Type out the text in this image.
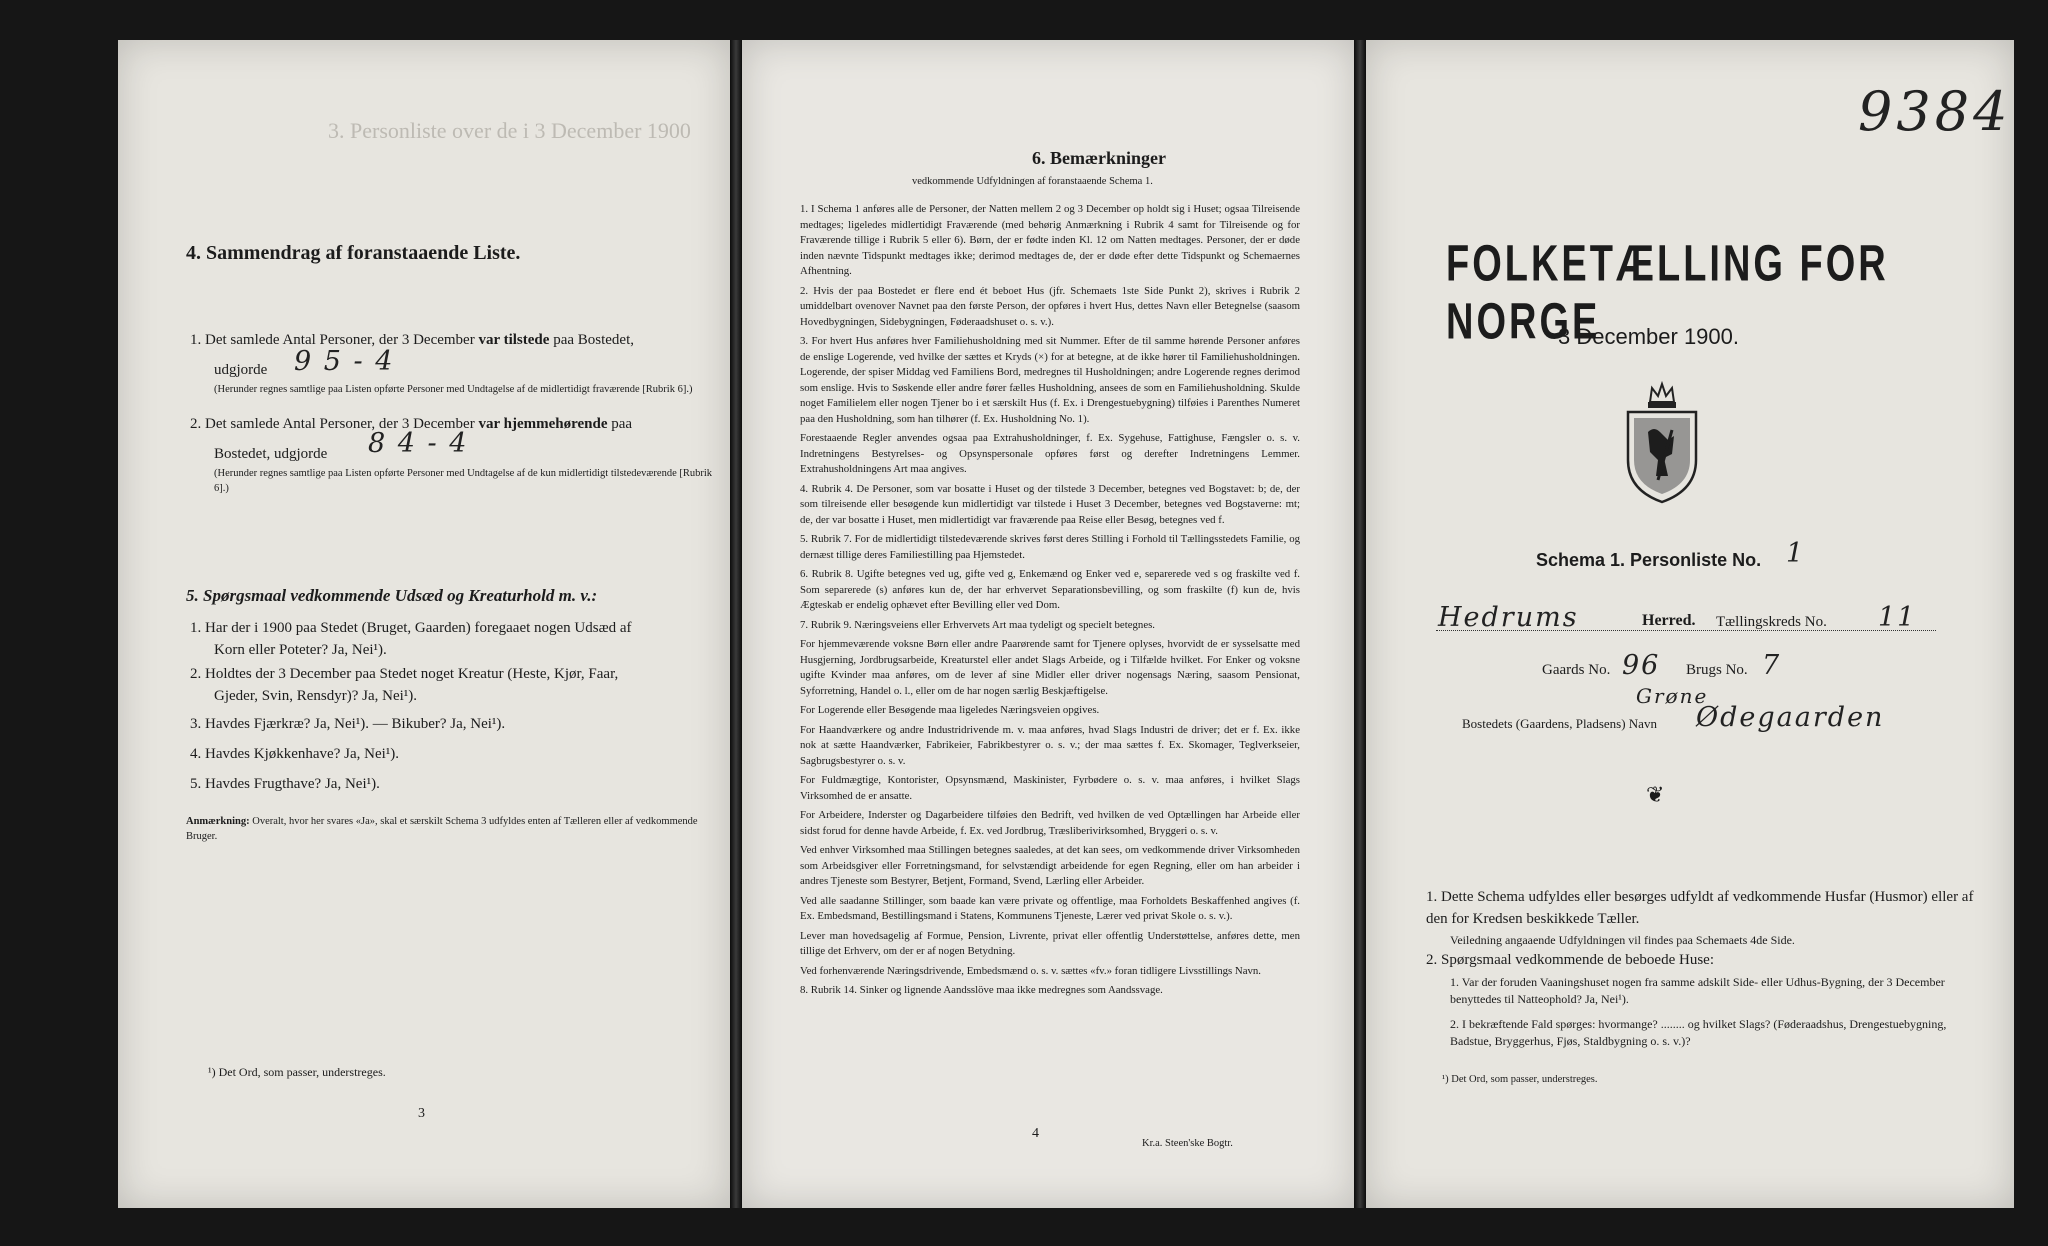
3. Personliste over de i 3 December 1900
4. Sammendrag af foranstaaende Liste.
1. Det samlede Antal Personer, der 3 December var tilstede paa Bostedet,
udgjorde 9 5 - 4
(Herunder regnes samtlige paa Listen opførte Personer med Undtagelse af de midlertidigt fraværende [Rubrik 6].)
2. Det samlede Antal Personer, der 3 December var hjemmehørende paa
Bostedet, udgjorde 8 4 - 4
(Herunder regnes samtlige paa Listen opførte Personer med Undtagelse af de kun midlertidigt tilstedeværende [Rubrik 6].)
5. Spørgsmaal vedkommende Udsæd og Kreaturhold m. v.:
1. Har der i 1900 paa Stedet (Bruget, Gaarden) foregaaet nogen Udsæd af
Korn eller Poteter? Ja, Nei¹).
2. Holdtes der 3 December paa Stedet noget Kreatur (Heste, Kjør, Faar,
Gjeder, Svin, Rensdyr)? Ja, Nei¹).
3. Havdes Fjærkræ? Ja, Nei¹). — Bikuber? Ja, Nei¹).
4. Havdes Kjøkkenhave? Ja, Nei¹).
5. Havdes Frugthave? Ja, Nei¹).
Anmærkning: Overalt, hvor her svares «Ja», skal et særskilt Schema 3 udfyldes enten af Tælleren eller af vedkommende Bruger.
¹) Det Ord, som passer, understreges.
3
6. Bemærkninger
vedkommende Udfyldningen af foranstaaende Schema 1.

1. I Schema 1 anføres alle de Personer, der Natten mellem 2 og 3 December op holdt sig i Huset; ogsaa Tilreisende medtages; ligeledes midlertidigt Fraværende (med behørig Anmærkning i Rubrik 4 samt for Tilreisende og for Fraværende tillige i Rubrik 5 eller 6). Børn, der er fødte inden Kl. 12 om Natten medtages. Personer, der er døde inden nævnte Tidspunkt medtages ikke; derimod medtages de, der er døde efter dette Tidspunkt og Schemaernes Afhentning.

2. Hvis der paa Bostedet er flere end ét beboet Hus (jfr. Schemaets 1ste Side Punkt 2), skrives i Rubrik 2 umiddelbart ovenover Navnet paa den første Person, der opføres i hvert Hus, dettes Navn eller Betegnelse (saasom Hovedbygningen, Sidebygningen, Føderaadshuset o. s. v.).

3. For hvert Hus anføres hver Familiehusholdning med sit Nummer. Efter de til samme hørende Personer anføres de enslige Logerende, ved hvilke der sættes et Kryds (×) for at betegne, at de ikke hører til Familiehusholdningen. Logerende, der spiser Middag ved Familiens Bord, medregnes til Husholdningen; andre Logerende regnes derimod som enslige. Hvis to Søskende eller andre fører fælles Husholdning, ansees de som en Familiehusholdning. Skulde noget Familielem eller nogen Tjener bo i et særskilt Hus (f. Ex. i Drengestuebygning) tilføies i Parenthes Numeret paa den Husholdning, som han tilhører (f. Ex. Husholdning No. 1).

Forestaaende Regler anvendes ogsaa paa Extrahusholdninger, f. Ex. Sygehuse, Fattighuse, Fængsler o. s. v. Indretningens Bestyrelses- og Opsynspersonale opføres først og derefter Indretningens Lemmer. Extrahusholdningens Art maa angives.

4. Rubrik 4. De Personer, som var bosatte i Huset og der tilstede 3 December, betegnes ved Bogstavet: b; de, der som tilreisende eller besøgende kun midlertidigt var tilstede i Huset 3 December, betegnes ved Bogstaverne: mt; de, der var bosatte i Huset, men midlertidigt var fraværende paa Reise eller Besøg, betegnes ved f.

5. Rubrik 7. For de midlertidigt tilstedeværende skrives først deres Stilling i Forhold til Tællingsstedets Familie, og dernæst tillige deres Familiestilling paa Hjemstedet.

6. Rubrik 8. Ugifte betegnes ved ug, gifte ved g, Enkemænd og Enker ved e, separerede ved s og fraskilte ved f. Som separerede (s) anføres kun de, der har erhvervet Separationsbevilling, og som fraskilte (f) kun de, hvis Ægteskab er endelig ophævet efter Bevilling eller ved Dom.

7. Rubrik 9. Næringsveiens eller Erhvervets Art maa tydeligt og specielt betegnes.

For hjemmeværende voksne Børn eller andre Paarørende samt for Tjenere oplyses, hvorvidt de er sysselsatte med Husgjerning, Jordbrugsarbeide, Kreaturstel eller andet Slags Arbeide, og i Tilfælde hvilket. For Enker og voksne ugifte Kvinder maa anføres, om de lever af sine Midler eller driver nogensags Næring, saasom Pensionat, Syforretning, Handel o. l., eller om de har nogen særlig Beskjæftigelse.

For Logerende eller Besøgende maa ligeledes Næringsveien opgives.

For Haandværkere og andre Industridrivende m. v. maa anføres, hvad Slags Industri de driver; det er f. Ex. ikke nok at sætte Haandværker, Fabrikeier, Fabrikbestyrer o. s. v.; der maa sættes f. Ex. Skomager, Teglverkseier, Sagbrugsbestyrer o. s. v.

For Fuldmægtige, Kontorister, Opsynsmænd, Maskinister, Fyrbødere o. s. v. maa anføres, i hvilket Slags Virksomhed de er ansatte.

For Arbeidere, Inderster og Dagarbeidere tilføies den Bedrift, ved hvilken de ved Optællingen har Arbeide eller sidst forud for denne havde Arbeide, f. Ex. ved Jordbrug, Træsliberivirksomhed, Bryggeri o. s. v.

Ved enhver Virksomhed maa Stillingen betegnes saaledes, at det kan sees, om vedkommende driver Virksomheden som Arbeidsgiver eller Forretningsmand, for selvstændigt arbeidende for egen Regning, eller om han arbeider i andres Tjeneste som Bestyrer, Betjent, Formand, Svend, Lærling eller Arbeider.

Ved alle saadanne Stillinger, som baade kan være private og offentlige, maa Forholdets Beskaffenhed angives (f. Ex. Embedsmand, Bestillingsmand i Statens, Kommunens Tjeneste, Lærer ved privat Skole o. s. v.).

Lever man hovedsagelig af Formue, Pension, Livrente, privat eller offentlig Understøttelse, anføres dette, men tillige det Erhverv, om der er af nogen Betydning.

Ved forhenværende Næringsdrivende, Embedsmænd o. s. v. sættes «fv.» foran tidligere Livsstillings Navn.

8. Rubrik 14. Sinker og lignende Aandsslöve maa ikke medregnes som Aandssvage.

4
Kr.a. Steen'ske Bogtr.
9384
FOLKETÆLLING FOR NORGE
3 December 1900.
Schema 1. Personliste No. 1
Hedrums	Herred. Tællingskreds No. 11
Gaards No. 96 Brugs No. 7
Bostedets (Gaardens, Pladsens) Navn
Grøne
Ødegaarden
❦
1. Dette Schema udfyldes eller besørges udfyldt af vedkommende Husfar (Husmor) eller af den for Kredsen beskikkede Tæller.
Veiledning angaaende Udfyldningen vil findes paa Schemaets 4de Side.
2. Spørgsmaal vedkommende de beboede Huse:
1. Var der foruden Vaaningshuset nogen fra samme adskilt Side- eller Udhus-Bygning, der 3 December benyttedes til Natteophold? Ja, Nei¹).
2. I bekræftende Fald spørges: hvormange? ........ og hvilket Slags? (Føderaadshus, Drengestuebygning, Badstue, Bryggerhus, Fjøs, Staldbygning o. s. v.)?
¹) Det Ord, som passer, understreges.
